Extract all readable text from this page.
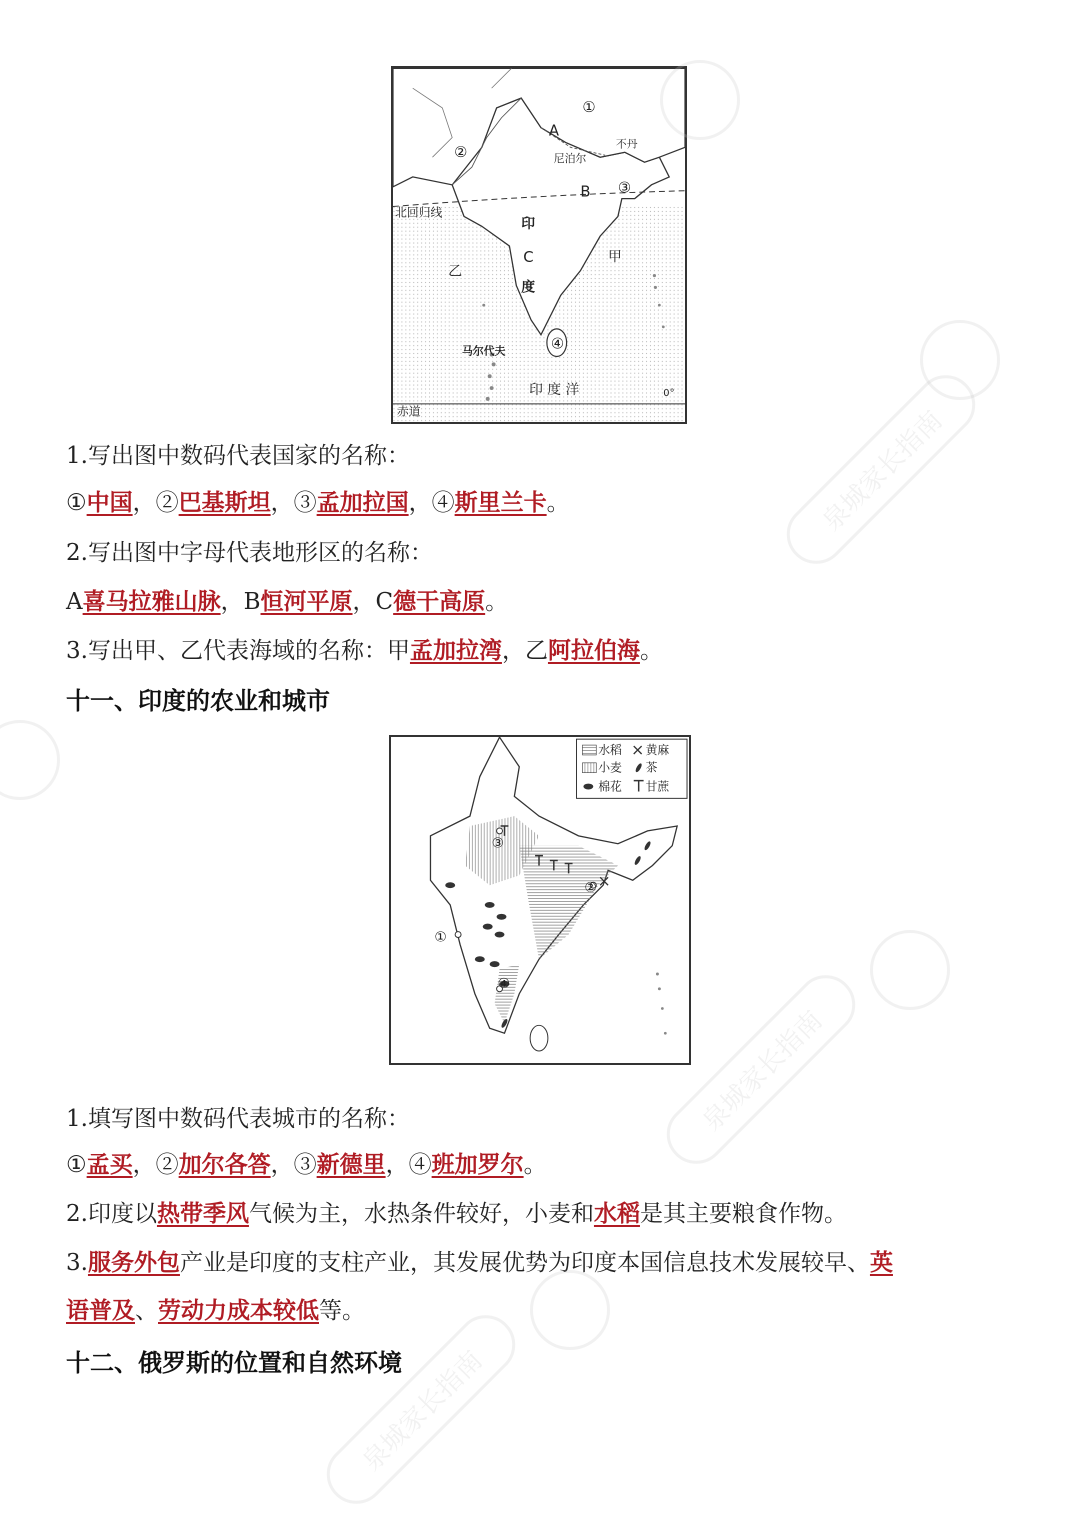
①
②
③
④
A
B
C
尼泊尔
不丹
北回归线
印
度
甲
乙
马尔代夫
印 度 洋
赤道
0°
1.写出图中数码代表国家的名称：
①中国，②巴基斯坦，③孟加拉国，④斯里兰卡。
2.写出图中字母代表地形区的名称：
A喜马拉雅山脉，B恒河平原，C德干高原。
3.写出甲、乙代表海域的名称：甲孟加拉湾，乙阿拉伯海。
十一、印度的农业和城市
水稻 黄麻
小麦 茶
棉花 甘蔗
①
②
③
④
1.填写图中数码代表城市的名称：
①孟买，②加尔各答，③新德里，④班加罗尔。
2.印度以热带季风气候为主，水热条件较好，小麦和水稻是其主要粮食作物。
3.服务外包产业是印度的支柱产业，其发展优势为印度本国信息技术发展较早、英
语普及、劳动力成本较低等。
十二、俄罗斯的位置和自然环境
泉城家长指南
泉城家长指南
泉城家长指南
